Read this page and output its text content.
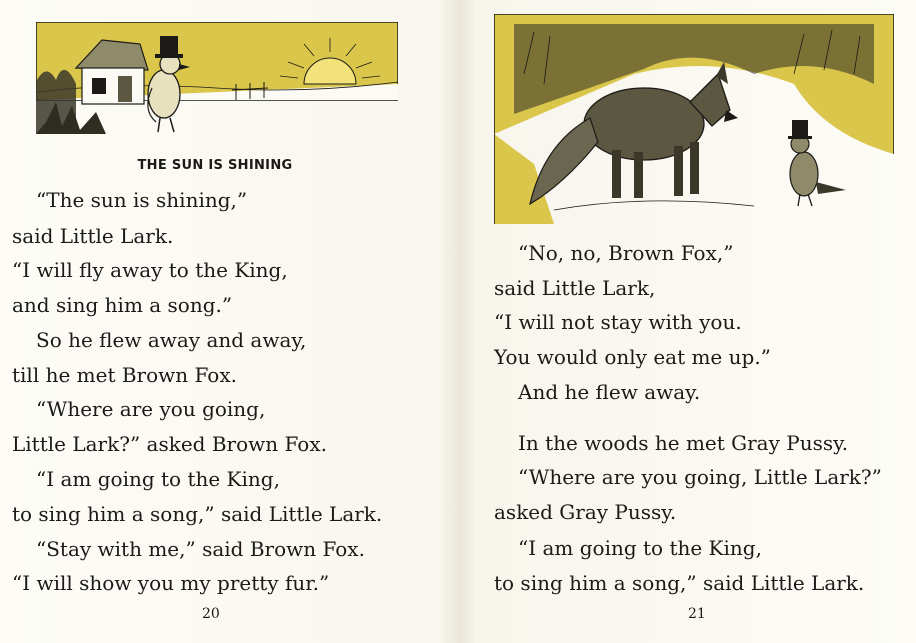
THE SUN IS SHINING
“The sun is shining,”
said Little Lark.
“I will fly away to the King,
and sing him a song.”
So he flew away and away,
till he met Brown Fox.
“Where are you going,
Little Lark?” asked Brown Fox.
“I am going to the King,
to sing him a song,” said Little Lark.
“Stay with me,” said Brown Fox.
“I will show you my pretty fur.”
20
“No, no, Brown Fox,”
said Little Lark,
“I will not stay with you.
You would only eat me up.”
And he flew away.
In the woods he met Gray Pussy.
“Where are you going, Little Lark?”
asked Gray Pussy.
“I am going to the King,
to sing him a song,” said Little Lark.
21
